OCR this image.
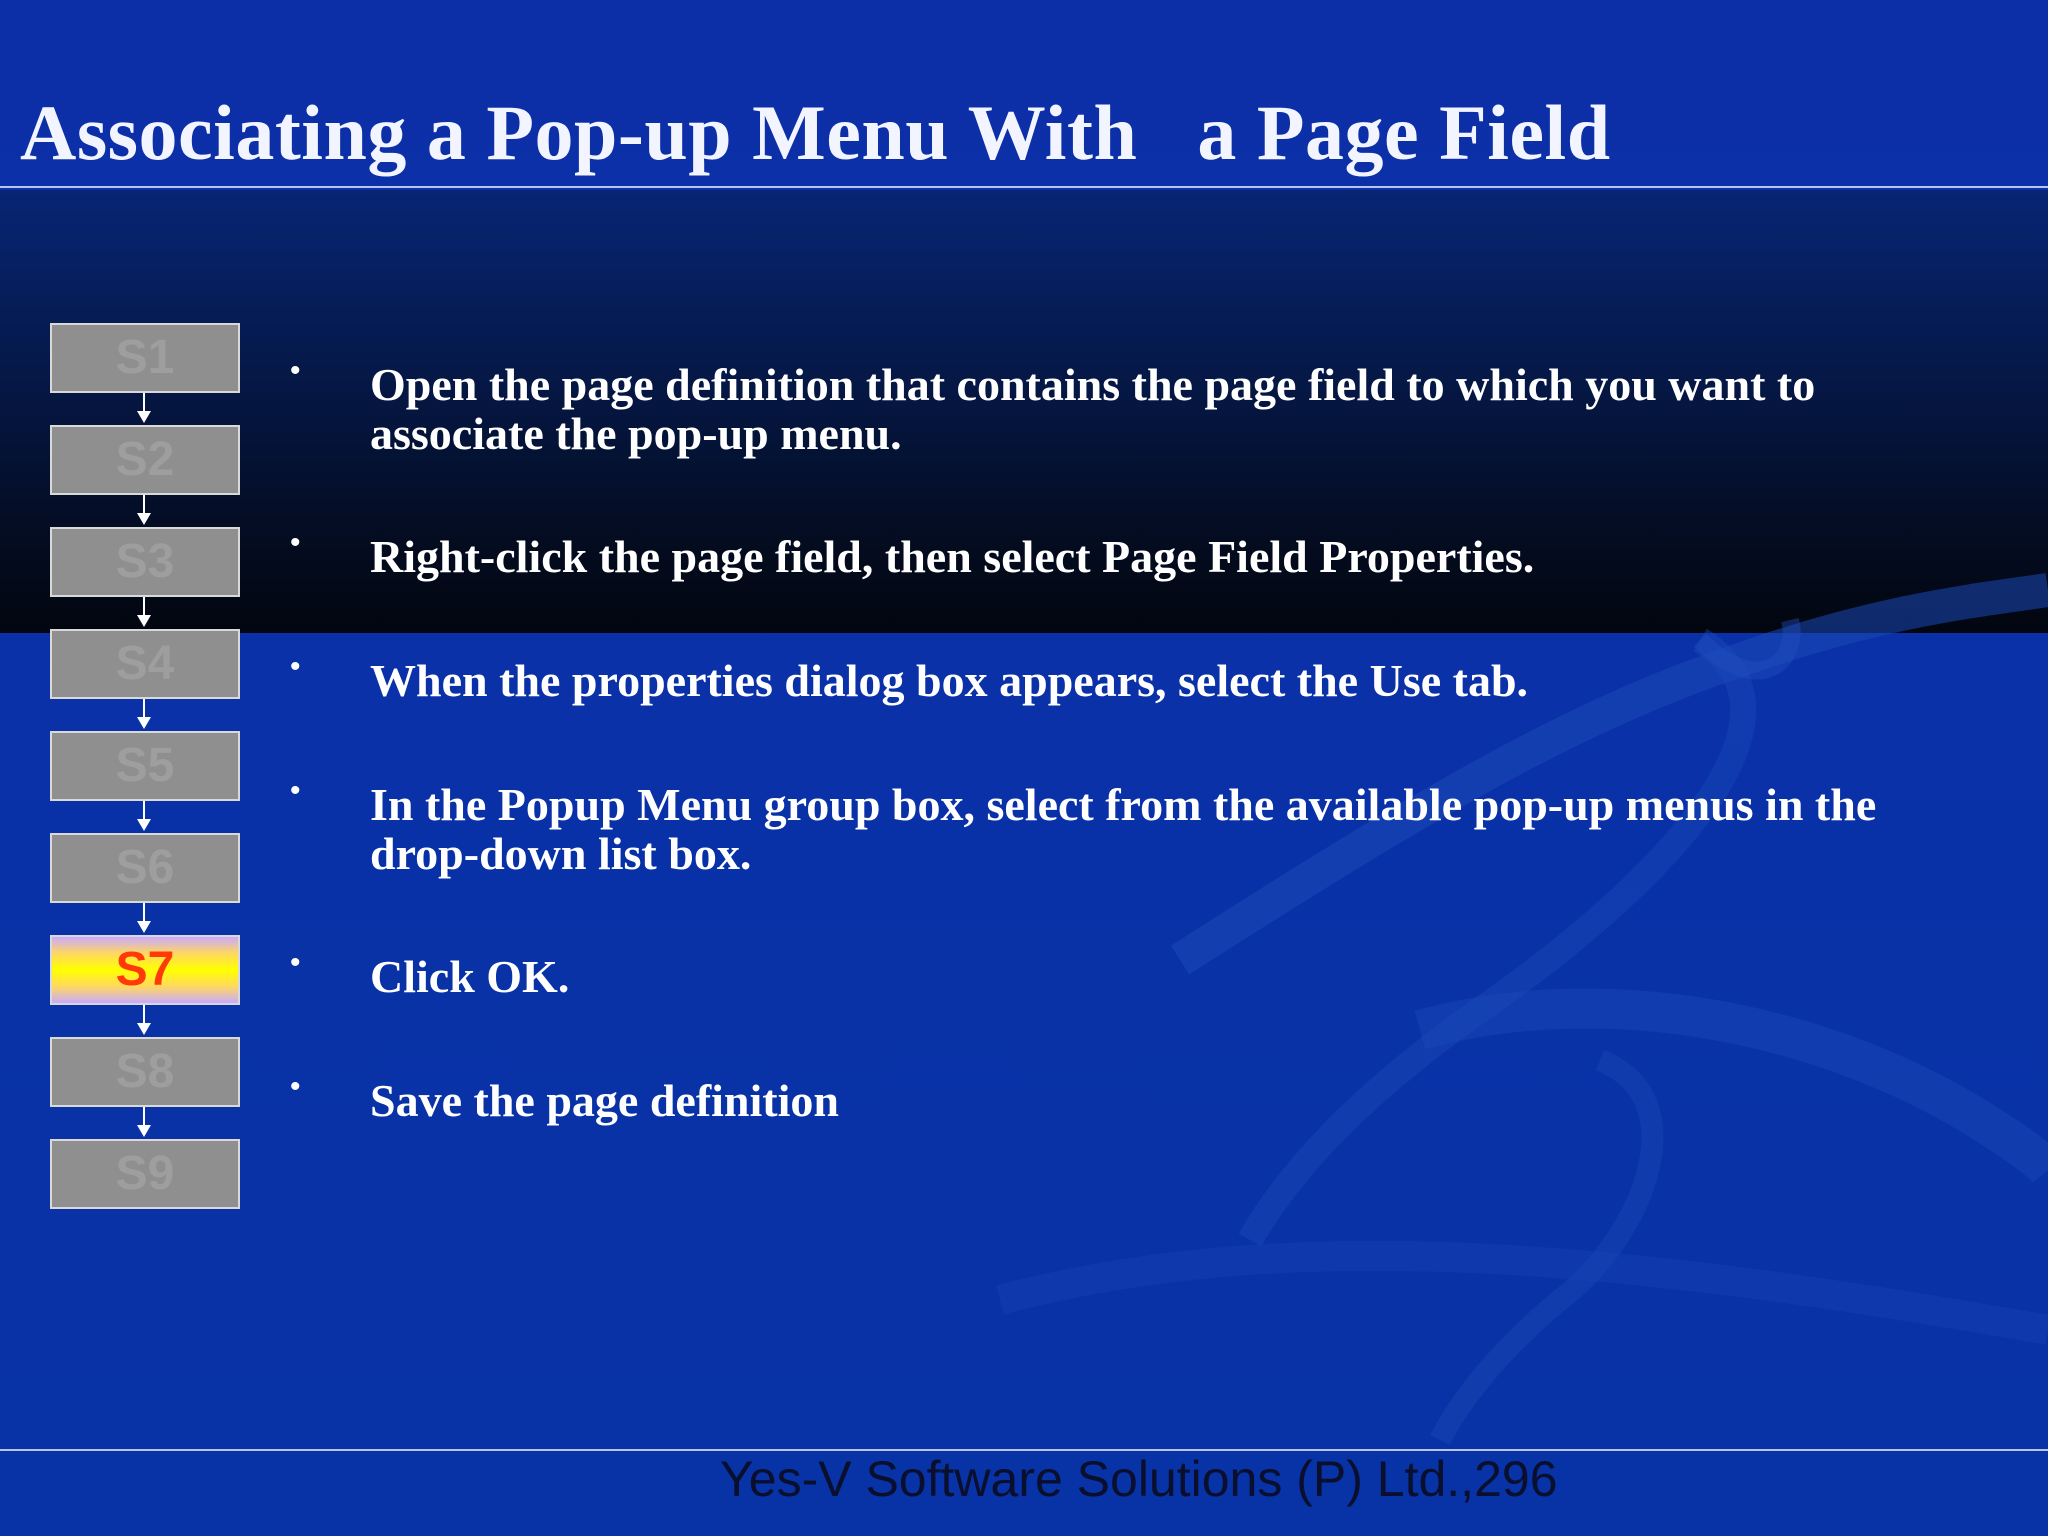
Associating a Pop-up Menu With   a Page Field
S1
S2
S3
S4
S5
S6
S7
S8
S9
• Open the page definition that contains the page field to which you want to associate the pop-up menu.
• Right-click the page field, then select Page Field Properties.
• When the properties dialog box appears, select the Use tab.
• In the Popup Menu group box, select from the available pop-up menus in the drop-down list box.
• Click OK.
• Save the page definition

Yes-V Software Solutions (P) Ltd.,296
